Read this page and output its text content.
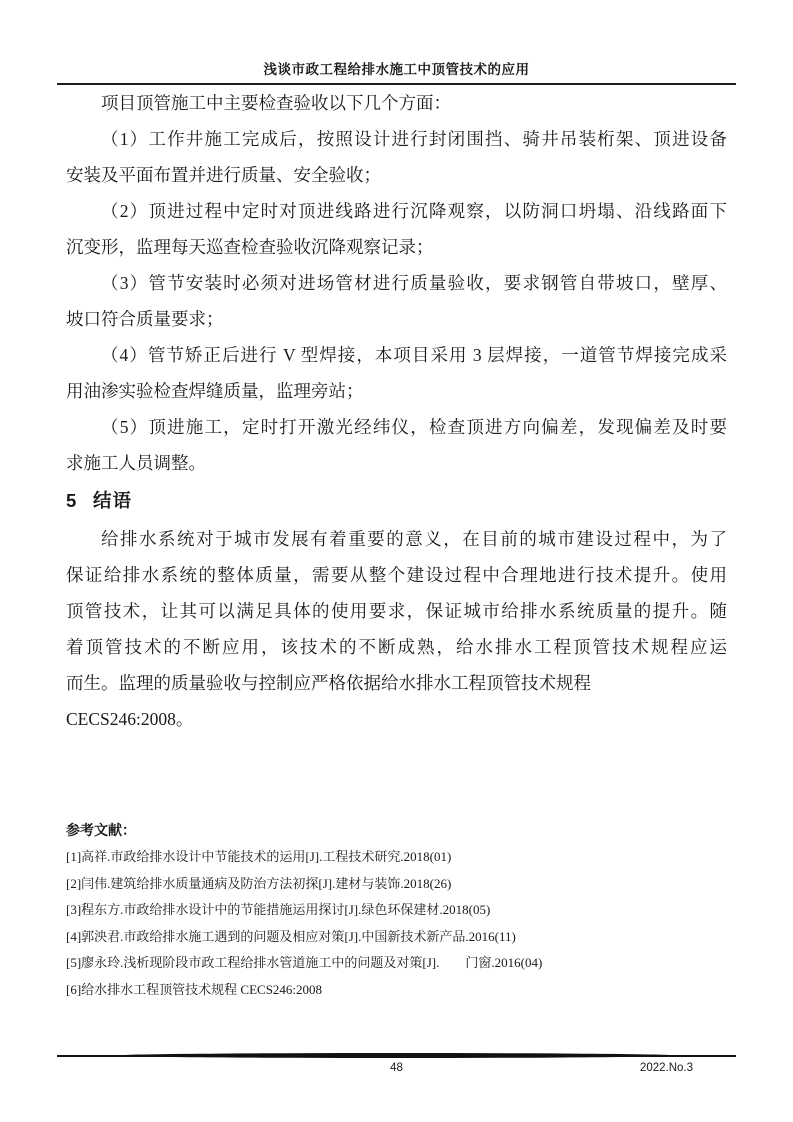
浅谈市政工程给排水施工中顶管技术的应用
项目顶管施工中主要检查验收以下几个方面：
（1）工作井施工完成后，按照设计进行封闭围挡、骑井吊装桁架、顶进设备
安装及平面布置并进行质量、安全验收；
（2）顶进过程中定时对顶进线路进行沉降观察，以防洞口坍塌、沿线路面下
沉变形，监理每天巡查检查验收沉降观察记录；
（3）管节安装时必须对进场管材进行质量验收，要求钢管自带坡口，壁厚、
坡口符合质量要求；
（4）管节矫正后进行 V 型焊接，本项目采用 3 层焊接，一道管节焊接完成采
用油渗实验检查焊缝质量，监理旁站；
（5）顶进施工，定时打开激光经纬仪，检查顶进方向偏差，发现偏差及时要
求施工人员调整。
5 结语
给排水系统对于城市发展有着重要的意义，在目前的城市建设过程中，为了
保证给排水系统的整体质量，需要从整个建设过程中合理地进行技术提升。使用
顶管技术，让其可以满足具体的使用要求，保证城市给排水系统质量的提升。随
着顶管技术的不断应用，该技术的不断成熟，给水排水工程顶管技术规程应运
而生。监理的质量验收与控制应严格依据给水排水工程顶管技术规程
CECS246:2008。
参考文献：
[1]高祥.市政给排水设计中节能技术的运用[J].工程技术研究.2018(01)
[2]闫伟.建筑给排水质量通病及防治方法初探[J].建材与装饰.2018(26)
[3]程东方.市政给排水设计中的节能措施运用探讨[J].绿色环保建材.2018(05)
[4]郭泱君.市政给排水施工遇到的问题及相应对策[J].中国新技术新产品.2016(11)
[5]廖永玲.浅析现阶段市政工程给排水管道施工中的问题及对策[J].　　门窗.2016(04)
[6]给水排水工程顶管技术规程 CECS246:2008
48	2022.No.3
